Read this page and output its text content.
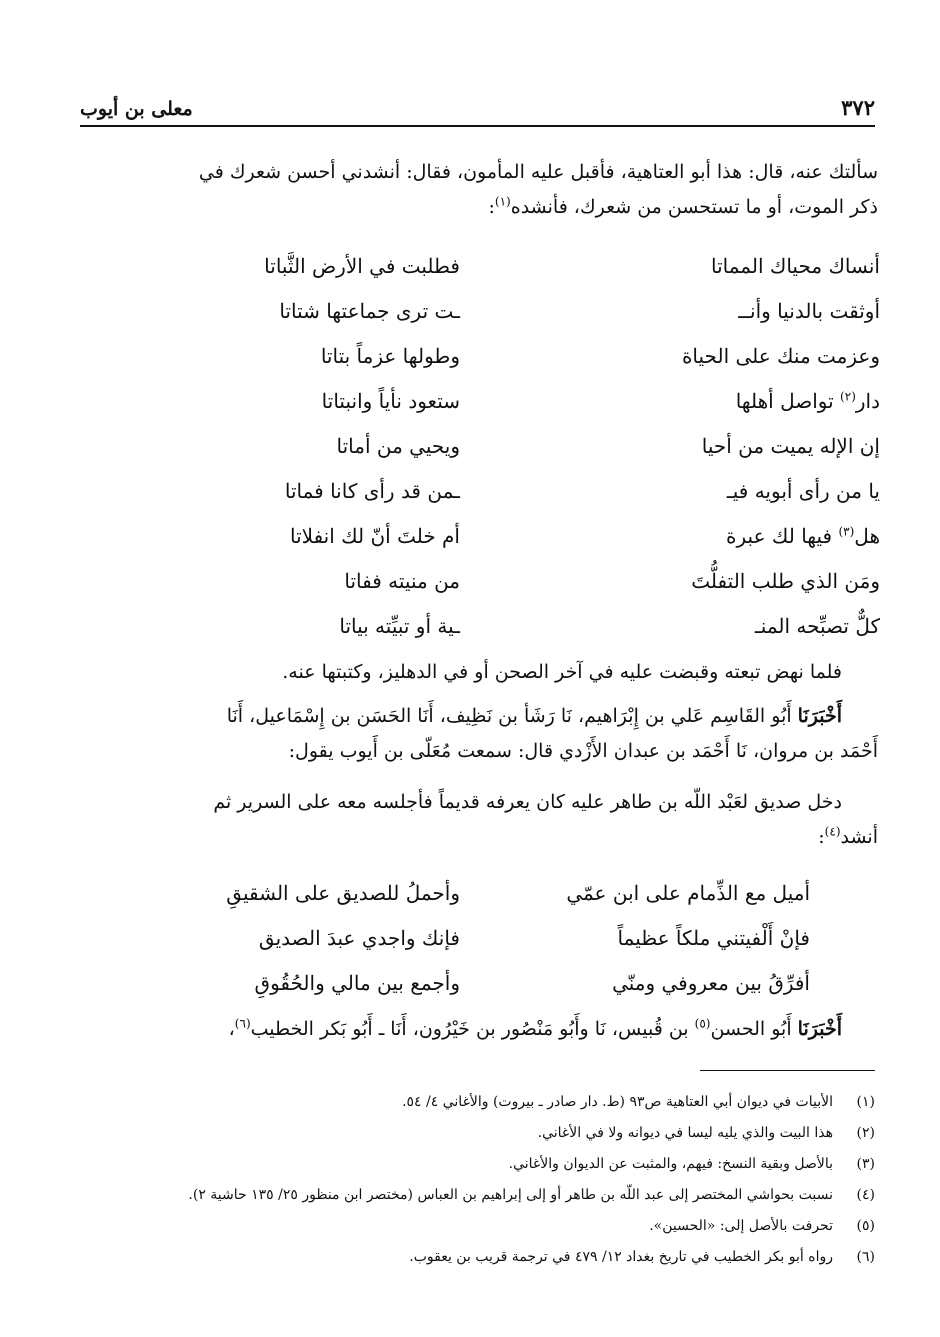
٣٧٢
معلى بن أيوب
سألتك عنه، قال: هذا أبو العتاهية، فأقبل عليه المأمون، فقال: أنشدني أحسن شعرك في
ذكر الموت، أو ما تستحسن من شعرك، فأنشده$^{(١)}$:
أنساك محياك المماتا
فطلبت في الأرض الثَّباتا
أوثقت بالدنيا وأنــ
ـت ترى جماعتها شتاتا
وعزمت منك على الحياة
وطولها عزماً بتاتا
دار$^{(٢)}$ تواصل أهلها
ستعود نأياً وانبتاتا
إن الإله يميت من أحيا
ويحيي من أماتا
يا من رأى أبويه فيـ
ـمن قد رأى كانا فماتا
هل$^{(٣)}$ فيها لك عبرة
أم خلتَ أنّ لك انفلاتا
ومَن الذي طلب التفلُّتَ
من منيته ففاتا
كلٌّ تصبِّحه المنـ
ـية أو تبيِّته بياتا
فلما نهض تبعته وقبضت عليه في آخر الصحن أو في الدهليز، وكتبتها عنه.
أَخْبَرَنَا أَبُو القَاسِم عَلي بن إِبْرَاهيم، نَا رَشَأ بن نَظِيف، أَنَا الحَسَن بن إِسْمَاعيل، أَنَا
أَحْمَد بن مروان، نَا أَحْمَد بن عبدان الأَزْدي قال: سمعت مُعَلّى بن أَيوب يقول:
دخل صديق لعَبْد اللّه بن طاهر عليه كان يعرفه قديماً فأجلسه معه على السرير ثم
أنشد$^{(٤)}$:
أميل مع الذِّمام على ابن عمّي
وأحملُ للصديق على الشقيقِ
فإنْ أَلْفيتني ملكاً عظيماً
فإنك واجدي عبدَ الصديق
أفرِّقُ بين معروفي ومنّي
وأجمع بين مالي والحُقُوقِ
أَخْبَرَنَا أَبُو الحسن$^{(٥)}$ بن قُبيس، نَا وأَبُو مَنْصُور بن خَيْرُون، أَنَا ـ أَبُو بَكر الخطيب$^{(٦)}$،
(١)
الأبيات في ديوان أبي العتاهية ص٩٣ (ط. دار صادر ـ بيروت) والأغاني ٤/ ٥٤.
(٢)
هذا البيت والذي يليه ليسا في ديوانه ولا في الأغاني.
(٣)
بالأصل وبقية النسخ: فيهم، والمثبت عن الديوان والأغاني.
(٤)
نسبت بحواشي المختصر إلى عبد اللّه بن طاهر أو إلى إبراهيم بن العباس (مختصر ابن منظور ٢٥/ ١٣٥ حاشية ٢).
(٥)
تحرفت بالأصل إلى: «الحسين».
(٦)
رواه أبو بكر الخطيب في تاريخ بغداد ١٢/ ٤٧٩ في ترجمة قريب بن يعقوب.
